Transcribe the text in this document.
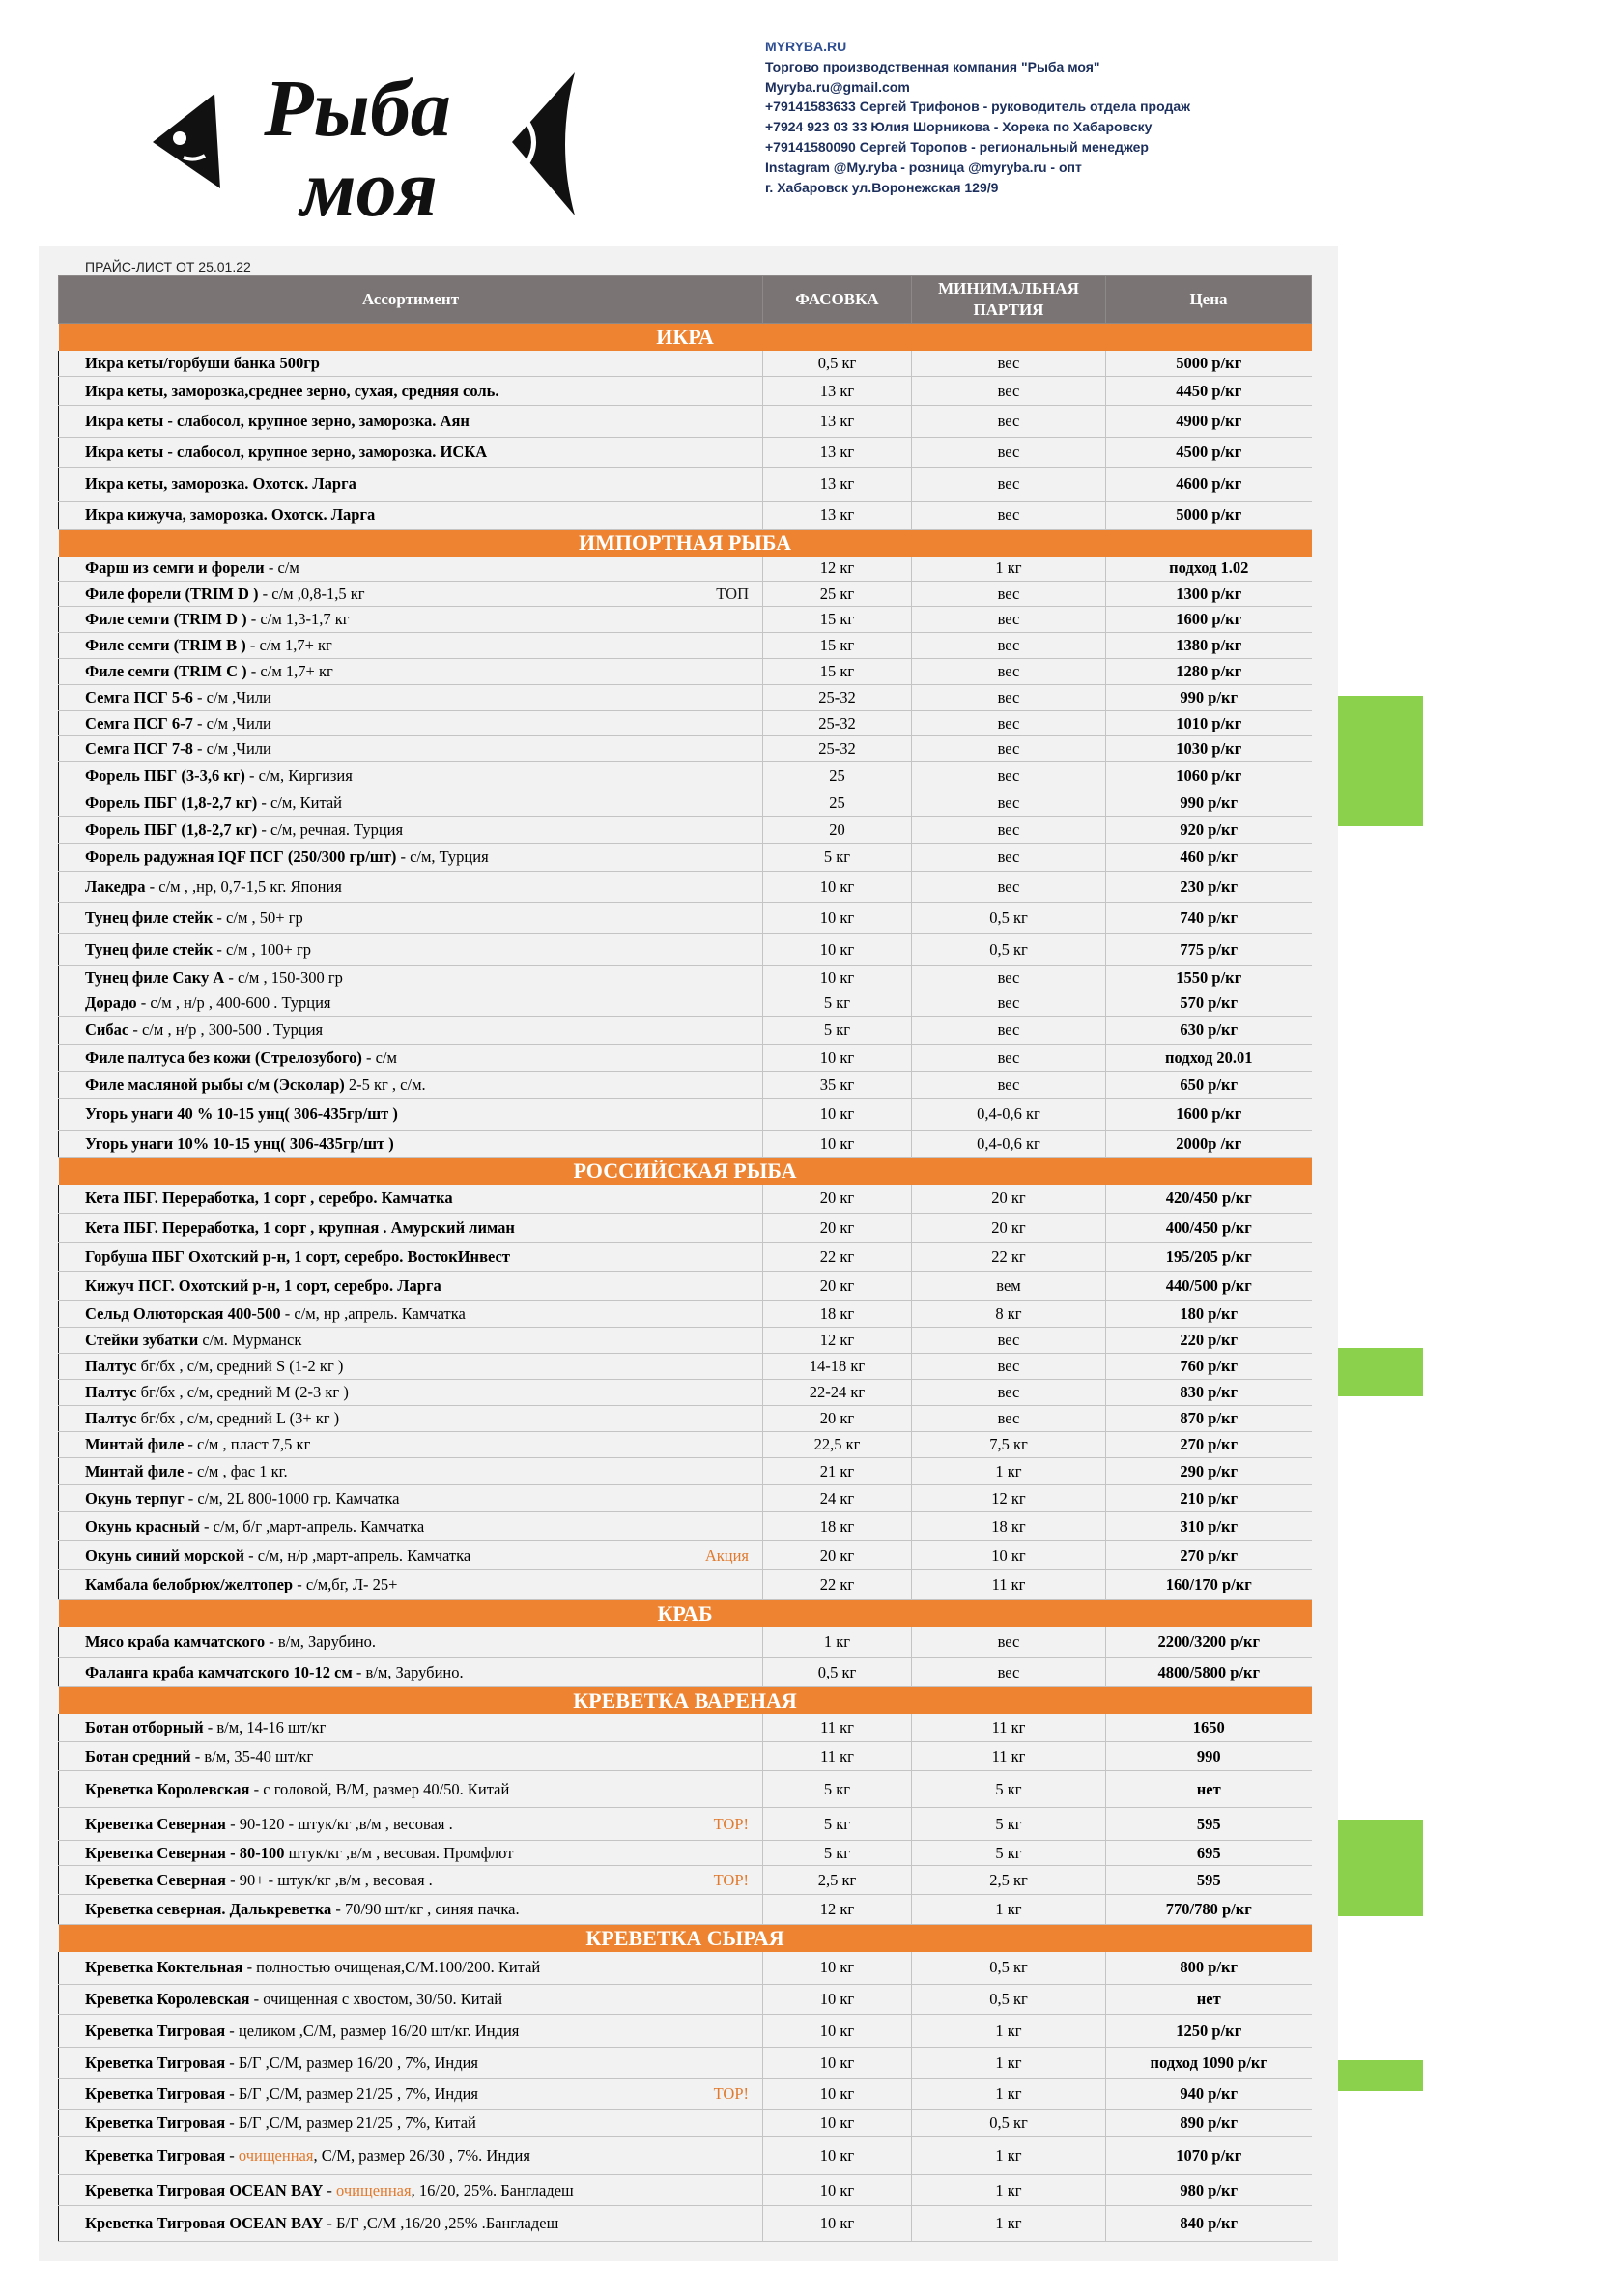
Рыба
моя
MYRYBA.RU
Торгово производственная компания "Рыба моя"
Myryba.ru@gmail.com
+79141583633 Сергей Трифонов - руководитель отдела продаж
+7924 923 03 33 Юлия Шорникова - Хорека по Хабаровску
+79141580090 Сергей Торопов - региональный менеджер
Instagram @My.ryba - розница @myryba.ru - опт
г. Хабаровск ул.Воронежская 129/9
ПРАЙС-ЛИСТ ОТ 25.01.22
Ассортимент	ФАСОВКА	МИНИМАЛЬНАЯ ПАРТИЯ	Цена
ИКРА			
Икра кеты/горбуши банка 500гр	0,5 кг	вес	5000 р/кг
Икра кеты, заморозка,среднее зерно, сухая, средняя соль.	13 кг	вес	4450 р/кг
Икра кеты - слабосол, крупное зерно, заморозка. Аян	13 кг	вес	4900 р/кг
Икра кеты - слабосол, крупное зерно, заморозка. ИСКА	13 кг	вес	4500 р/кг
Икра кеты, заморозка. Охотск. Ларга	13 кг	вес	4600 р/кг
Икра кижуча, заморозка. Охотск. Ларга	13 кг	вес	5000 р/кг
ИМПОРТНАЯ РЫБА			
Фарш из семги и форели - с/м	12 кг	1 кг	подход 1.02

ТОП
Филе форели (TRIM D ) - с/м ,0,8-1,5 кг	25 кг	вес	1300 р/кг
Филе семги (TRIM D ) - с/м 1,3-1,7 кг	15 кг	вес	1600 р/кг
Филе семги (TRIM B ) - с/м 1,7+ кг	15 кг	вес	1380 р/кг
Филе семги (TRIM C ) - с/м 1,7+ кг	15 кг	вес	1280 р/кг
Семга ПСГ 5-6 - с/м ,Чили	25-32	вес	990 р/кг
Семга ПСГ 6-7 - с/м ,Чили	25-32	вес	1010 р/кг
Семга ПСГ 7-8 - с/м ,Чили	25-32	вес	1030 р/кг
Форель ПБГ (3-3,6 кг) - с/м, Киргизия	25	вес	1060 р/кг
Форель ПБГ (1,8-2,7 кг) - с/м, Китай	25	вес	990 р/кг
Форель ПБГ (1,8-2,7 кг) - с/м, речная. Турция	20	вес	920 р/кг
Форель радужная IQF ПСГ (250/300 гр/шт) - с/м, Турция	5 кг	вес	460 р/кг
Лакедра - с/м , ,нр, 0,7-1,5 кг. Япония	10 кг	вес	230 р/кг
Тунец филе стейк - с/м , 50+ гр	10 кг	0,5 кг	740 р/кг
Тунец филе стейк - с/м , 100+ гр	10 кг	0,5 кг	775 р/кг
Тунец филе Саку А - с/м , 150-300 гр	10 кг	вес	1550 р/кг
Дорадо - с/м , н/р , 400-600 . Турция	5 кг	вес	570 р/кг
Сибас - с/м , н/р , 300-500 . Турция	5 кг	вес	630 р/кг
Филе палтуса без кожи (Стрелозубого) - с/м	10 кг	вес	подход 20.01
Филе масляной рыбы с/м (Эсколар) 2-5 кг , с/м.	35 кг	вес	650 р/кг
Угорь унаги 40 % 10-15 унц( 306-435гр/шт )	10 кг	0,4-0,6 кг	1600 р/кг
Угорь унаги 10% 10-15 унц( 306-435гр/шт )	10 кг	0,4-0,6 кг	2000р /кг
РОССИЙСКАЯ РЫБА			
Кета ПБГ. Переработка, 1 сорт , серебро. Камчатка	20 кг	20 кг	420/450 р/кг
Кета ПБГ. Переработка, 1 сорт , крупная . Амурский лиман	20 кг	20 кг	400/450 р/кг
Горбуша ПБГ Охотский р-н, 1 сорт, серебро. ВостокИнвест	22 кг	22 кг	195/205 р/кг
Кижуч ПСГ. Охотский р-н, 1 сорт, серебро. Ларга	20 кг	вем	440/500 р/кг
Сельд Олюторская 400-500 - с/м, нр ,апрель. Камчатка	18 кг	8 кг	180 р/кг
Стейки зубатки с/м. Мурманск	12 кг	вес	220 р/кг
Палтус бг/бх , с/м, средний S (1-2 кг )	14-18 кг	вес	760 р/кг
Палтус бг/бх , с/м, средний M (2-3 кг )	22-24 кг	вес	830 р/кг
Палтус бг/бх , с/м, средний L (3+ кг )	20 кг	вес	870 р/кг
Минтай филе - с/м , пласт 7,5 кг	22,5 кг	7,5 кг	270 р/кг
Минтай филе - с/м , фас 1 кг.	21 кг	1 кг	290 р/кг
Окунь терпуг - с/м, 2L 800-1000 гр. Камчатка	24 кг	12 кг	210 р/кг
Окунь красный - с/м, б/г ,март-апрель. Камчатка	18 кг	18 кг	310 р/кг

Акция
Окунь синий морской - с/м, н/р ,март-апрель. Камчатка	20 кг	10 кг	270 р/кг
Камбала белобрюх/желтопер - с/м,бг, Л- 25+	22 кг	11 кг	160/170 р/кг
КРАБ			
Мясо краба камчатского - в/м, Зарубино.	1 кг	вес	2200/3200 р/кг
Фаланга краба камчатского 10-12 см - в/м, Зарубино.	0,5 кг	вес	4800/5800 р/кг
КРЕВЕТКА ВАРЕНАЯ			
Ботан отборный - в/м, 14-16 шт/кг	11 кг	11 кг	1650
Ботан средний - в/м, 35-40 шт/кг	11 кг	11 кг	990
Креветка Королевская - с головой, В/М, размер 40/50. Китай	5 кг	5 кг	нет

TOP!
Креветка Северная - 90-120 - штук/кг ,в/м , весовая .	5 кг	5 кг	595
Креветка Северная - 80-100 штук/кг ,в/м , весовая. Промфлот	5 кг	5 кг	695

TOP!
Креветка Северная - 90+ - штук/кг ,в/м , весовая .	2,5 кг	2,5 кг	595
Креветка северная. Далькреветка - 70/90 шт/кг , синяя пачка.	12 кг	1 кг	770/780 р/кг
КРЕВЕТКА СЫРАЯ			
Креветка Коктельная - полностью очищеная,С/М.100/200. Китай	10 кг	0,5 кг	800 р/кг
Креветка Королевская - очищенная с хвостом, 30/50. Китай	10 кг	0,5 кг	нет
Креветка Тигровая - целиком ,С/М, размер 16/20 шт/кг. Индия	10 кг	1 кг	1250 р/кг
Креветка Тигровая - Б/Г ,С/М, размер 16/20 , 7%, Индия	10 кг	1 кг	подход 1090 р/кг

TOP!
Креветка Тигровая - Б/Г ,С/М, размер 21/25 , 7%, Индия	10 кг	1 кг	940 р/кг
Креветка Тигровая - Б/Г ,С/М, размер 21/25 , 7%, Китай	10 кг	0,5 кг	890 р/кг
Креветка Тигровая - очищенная, С/М, размер 26/30 , 7%. Индия	10 кг	1 кг	1070 р/кг
Креветка Тигровая OCEAN BAY - очищенная, 16/20, 25%. Бангладеш	10 кг	1 кг	980 р/кг
Креветка Тигровая OCEAN BAY - Б/Г ,С/М ,16/20 ,25% .Бангладеш	10 кг	1 кг	840 р/кг
